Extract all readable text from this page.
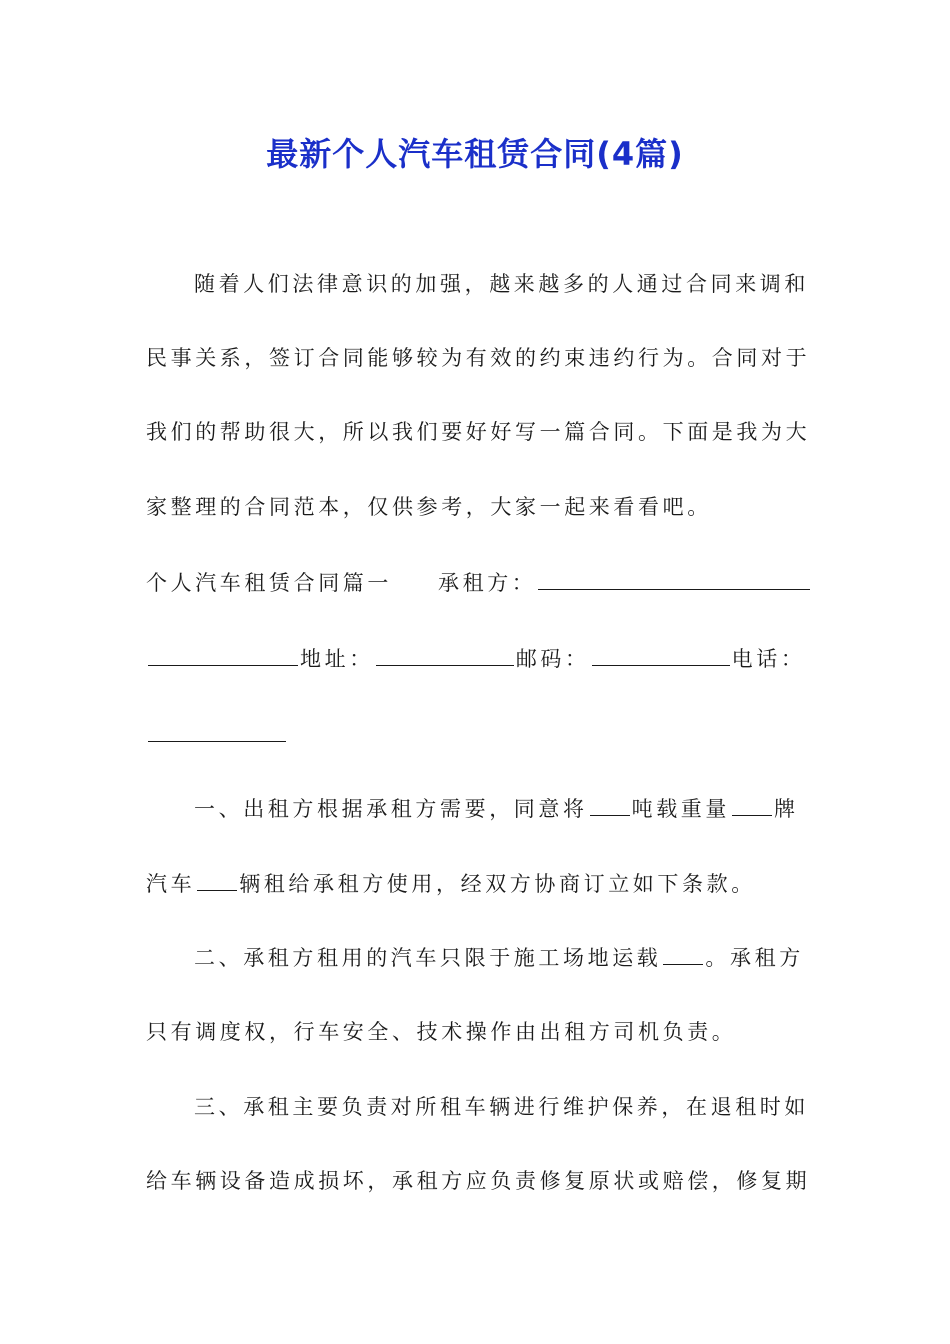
最新个人汽车租赁合同(4篇)
随着人们法律意识的加强，越来越多的人通过合同来调和
民事关系，签订合同能够较为有效的约束违约行为。合同对于
我们的帮助很大，所以我们要好好写一篇合同。下面是我为大
家整理的合同范本，仅供参考，大家一起来看看吧。
个人汽车租赁合同篇一 承租方：
地址：	邮码：	电话：
一、出租方根据承租方需要，同意将 吨载重量 牌
汽车 辆租给承租方使用，经双方协商订立如下条款。
二、承租方租用的汽车只限于施工场地运载 。承租方
只有调度权，行车安全、技术操作由出租方司机负责。
三、承租主要负责对所租车辆进行维护保养，在退租时如
给车辆设备造成损坏，承租方应负责修复原状或赔偿，修复期
